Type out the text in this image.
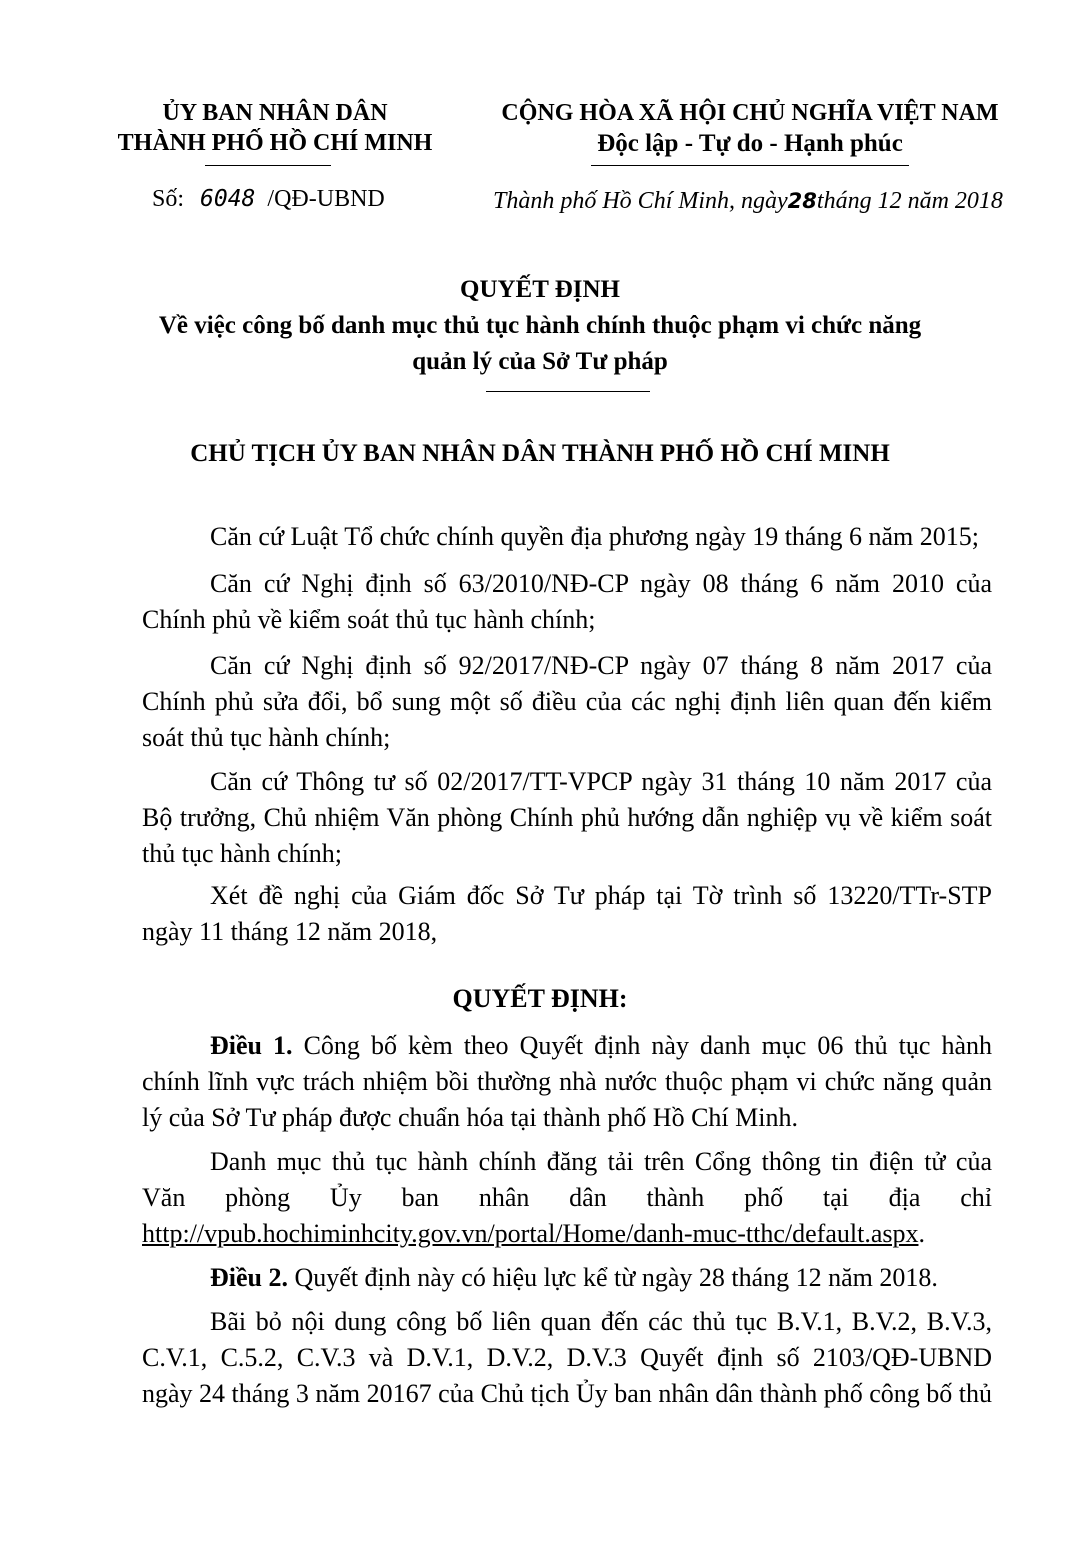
ỦY BAN NHÂN DÂN
THÀNH PHỐ HỒ CHÍ MINH
Số: 6048 /QĐ-UBND
CỘNG HÒA XÃ HỘI CHỦ NGHĨA VIỆT NAM
Độc lập - Tự do - Hạnh phúc
Thành phố Hồ Chí Minh, ngày28tháng 12 năm 2018
QUYẾT ĐỊNH
Về việc công bố danh mục thủ tục hành chính thuộc phạm vi chức năng
quản lý của Sở Tư pháp
CHỦ TỊCH ỦY BAN NHÂN DÂN THÀNH PHỐ HỒ CHÍ MINH
Căn cứ Luật Tổ chức chính quyền địa phương ngày 19 tháng 6 năm 2015;
Căn cứ Nghị định số 63/2010/NĐ-CP ngày 08 tháng 6 năm 2010 của
Chính phủ về kiểm soát thủ tục hành chính;
Căn cứ Nghị định số 92/2017/NĐ-CP ngày 07 tháng 8 năm 2017 của
Chính phủ sửa đổi, bổ sung một số điều của các nghị định liên quan đến kiểm
soát thủ tục hành chính;
Căn cứ Thông tư số 02/2017/TT-VPCP ngày 31 tháng 10 năm 2017 của
Bộ trưởng, Chủ nhiệm Văn phòng Chính phủ hướng dẫn nghiệp vụ về kiểm soát
thủ tục hành chính;
Xét đề nghị của Giám đốc Sở Tư pháp tại Tờ trình số 13220/TTr-STP
ngày 11 tháng 12 năm 2018,
QUYẾT ĐỊNH:
Điều 1. Công bố kèm theo Quyết định này danh mục 06 thủ tục hành
chính lĩnh vực trách nhiệm bồi thường nhà nước thuộc phạm vi chức năng quản
lý của Sở Tư pháp được chuẩn hóa tại thành phố Hồ Chí Minh.
Danh mục thủ tục hành chính đăng tải trên Cổng thông tin điện tử của
Văn phòng Ủy ban nhân dân thành phố tại địa chỉ
http://vpub.hochiminhcity.gov.vn/portal/Home/danh-muc-tthc/default.aspx.
Điều 2. Quyết định này có hiệu lực kể từ ngày 28 tháng 12 năm 2018.
Bãi bỏ nội dung công bố liên quan đến các thủ tục B.V.1, B.V.2, B.V.3,
C.V.1, C.5.2, C.V.3 và D.V.1, D.V.2, D.V.3 Quyết định số 2103/QĐ-UBND
ngày 24 tháng 3 năm 20167 của Chủ tịch Ủy ban nhân dân thành phố công bố thủ
